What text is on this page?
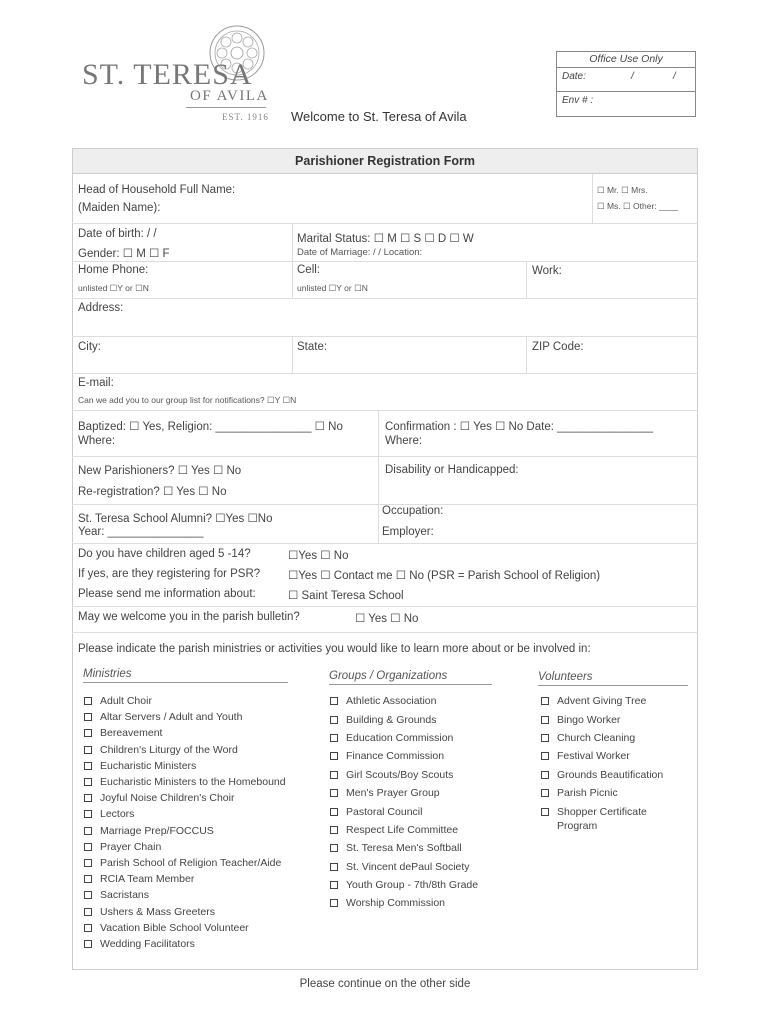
ST. TERESA
OF AVILA
EST. 1916 Welcome to St. Teresa of Avila
Office Use Only
Date:	/	/
Env # :
Parishioner Registration Form
Head of Household Full Name:
(Maiden Name):
☐ Mr. ☐ Mrs.
☐ Ms. ☐ Other: ____
Date of birth: / /
Gender: ☐ M ☐ F
Marital Status: ☐ M ☐ S ☐ D ☐ W
Date of Marriage: / / Location:
Home Phone:
unlisted ☐Y or ☐N
Cell:
unlisted ☐Y or ☐N
Work:
Address:
City:	State:	ZIP Code:
E-mail:
Can we add you to our group list for notifications? ☐Y ☐N
Baptized: ☐ Yes, Religion: _______________ ☐ No
Where:
Confirmation : ☐ Yes ☐ No Date: _______________
Where:
New Parishioners? ☐ Yes ☐ No
Re-registration? ☐ Yes ☐ No
Disability or Handicapped:
St. Teresa School Alumni? ☐Yes ☐No
Year: _______________
Occupation:
Employer:
Do you have children aged 5 -14?	☐Yes ☐ No
If yes, are they registering for PSR? ☐Yes ☐ Contact me ☐ No (PSR = Parish School of Religion)
Please send me information about:	☐ Saint Teresa School
May we welcome you in the parish bulletin?	☐ Yes ☐ No
Please indicate the parish ministries or activities you would like to learn more about or be involved in:
Ministries
Adult Choir
Altar Servers / Adult and Youth
Bereavement
Children's Liturgy of the Word
Eucharistic Ministers
Eucharistic Ministers to the Homebound
Joyful Noise Children's Choir
Lectors
Marriage Prep/FOCCUS
Prayer Chain
Parish School of Religion Teacher/Aide
RCIA Team Member
Sacristans
Ushers & Mass Greeters
Vacation Bible School Volunteer
Wedding Facilitators
Groups / Organizations
Athletic Association
Building & Grounds
Education Commission
Finance Commission
Girl Scouts/Boy Scouts
Men's Prayer Group
Pastoral Council
Respect Life Committee
St. Teresa Men's Softball
St. Vincent dePaul Society
Youth Group - 7th/8th Grade
Worship Commission
Volunteers
Advent Giving Tree
Bingo Worker
Church Cleaning
Festival Worker
Grounds Beautification
Parish Picnic
Shopper Certificate
Program
Please continue on the other side
